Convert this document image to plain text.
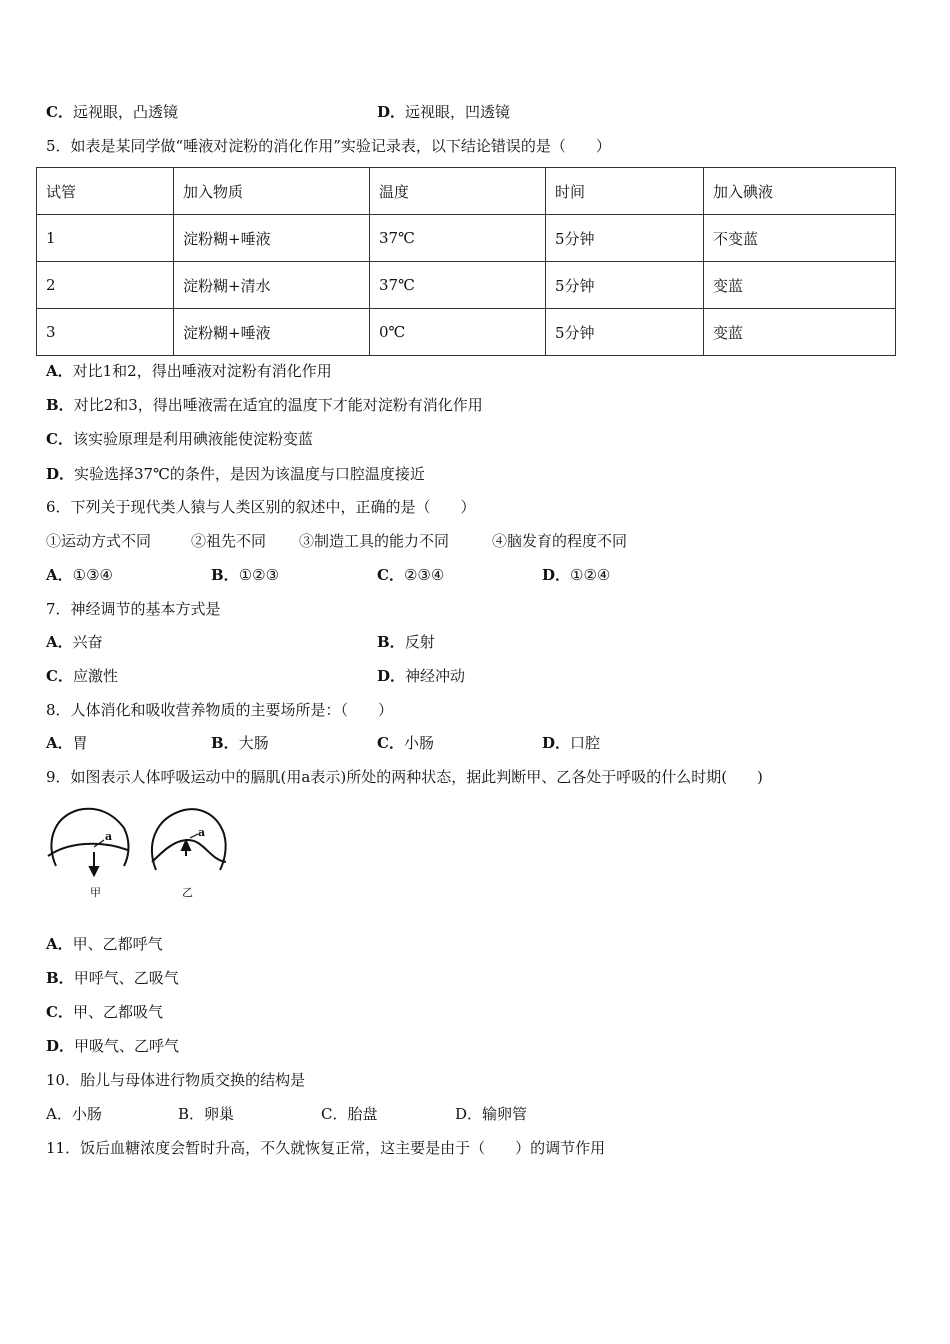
C．远视眼，凸透镜	D．远视眼，凹透镜
5．如表是某同学做“唾液对淀粉的消化作用”实验记录表，以下结论错误的是（　　）
试管	加入物质	温度	时间	加入碘液
1	淀粉糊+唾液	37℃	5分钟	不变蓝
2	淀粉糊+清水	37℃	5分钟	变蓝
3	淀粉糊+唾液	0℃	5分钟	变蓝
A．对比1和2，得出唾液对淀粉有消化作用
B．对比2和3，得出唾液需在适宜的温度下才能对淀粉有消化作用
C．该实验原理是利用碘液能使淀粉变蓝
D．实验选择37℃的条件，是因为该温度与口腔温度接近
6．下列关于现代类人猿与人类区别的叙述中，正确的是（　　）
①运动方式不同	②祖先不同 ③制造工具的能力不同	④脑发育的程度不同
A．①③④	B．①②③	C．②③④	D．①②④
7．神经调节的基本方式是
A．兴奋	B．反射
C．应激性	D．神经冲动
8．人体消化和吸收营养物质的主要场所是：（　　）
A．胃	B．大肠	C．小肠	D．口腔
9．如图表示人体呼吸运动中的膈肌(用a表示)所处的两种状态，据此判断甲、乙各处于呼吸的什么时期(　　)
a
甲
a
乙
A．甲、乙都呼气
B．甲呼气、乙吸气
C．甲、乙都吸气
D．甲吸气、乙呼气
10．胎儿与母体进行物质交换的结构是
A．小肠	B．卵巢	C．胎盘	D．输卵管
11．饭后血糖浓度会暂时升高，不久就恢复正常，这主要是由于（　　）的调节作用
